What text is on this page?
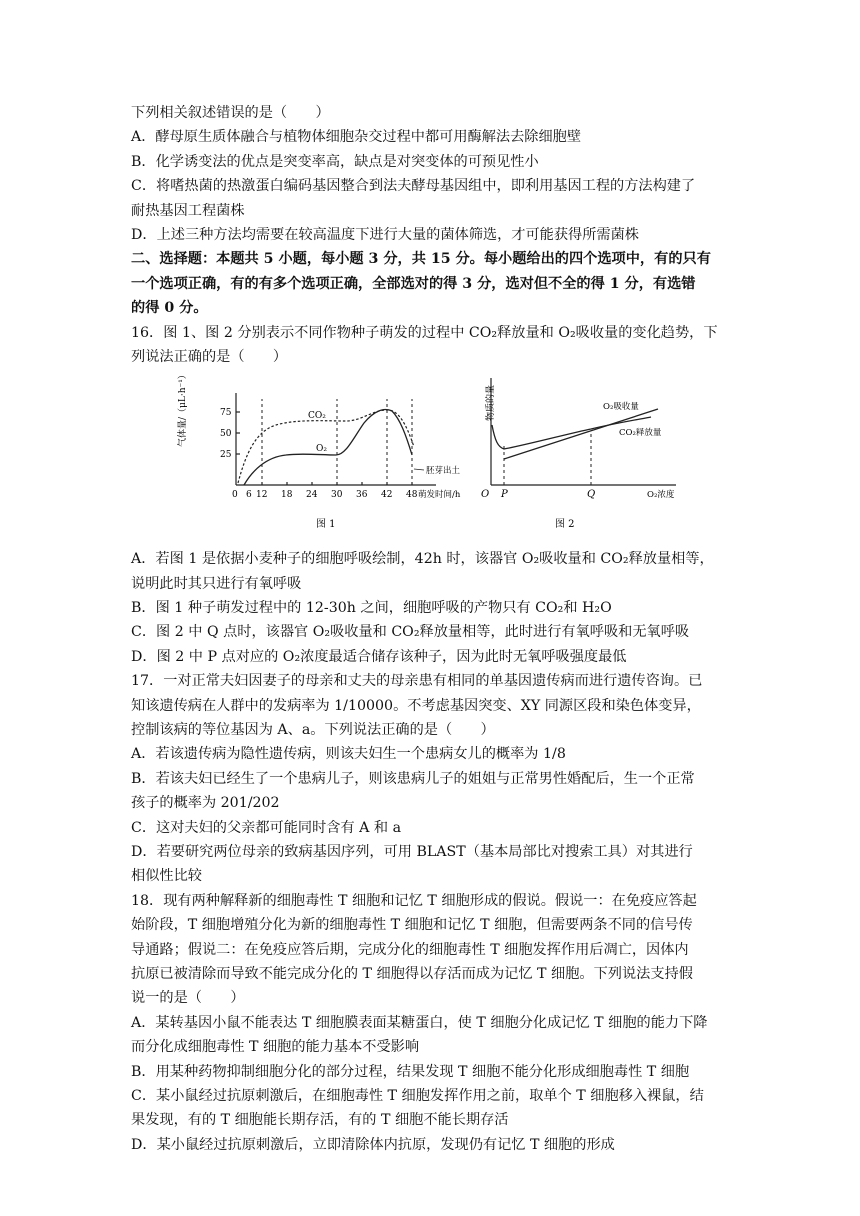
下列相关叙述错误的是（　　）
A．酵母原生质体融合与植物体细胞杂交过程中都可用酶解法去除细胞壁
B．化学诱变法的优点是突变率高，缺点是对突变体的可预见性小
C．将嗜热菌的热激蛋白编码基因整合到法夫酵母基因组中，即利用基因工程的方法构建了
耐热基因工程菌株
D．上述三种方法均需要在较高温度下进行大量的菌体筛选，才可能获得所需菌株
二、选择题：本题共 5 小题，每小题 3 分，共 15 分。每小题给出的四个选项中，有的只有
一个选项正确，有的有多个选项正确，全部选对的得 3 分，选对但不全的得 1 分，有选错
的得 0 分。
16．图 1、图 2 分别表示不同作物种子萌发的过程中 CO₂释放量和 O₂吸收量的变化趋势，下
列说法正确的是（　　）
气体量/（μL·h⁻¹）
25
50
75
0 6 12 18 24 30 36 42 48 萌发时间/h
CO₂
O₂
胚芽出土
图 1
物质的量
O P	Q	O₂浓度
O₂吸收量
CO₂释放量
图 2
A．若图 1 是依据小麦种子的细胞呼吸绘制，42h 时，该器官 O₂吸收量和 CO₂释放量相等，
说明此时其只进行有氧呼吸
B．图 1 种子萌发过程中的 12-30h 之间，细胞呼吸的产物只有 CO₂和 H₂O
C．图 2 中 Q 点时，该器官 O₂吸收量和 CO₂释放量相等，此时进行有氧呼吸和无氧呼吸
D．图 2 中 P 点对应的 O₂浓度最适合储存该种子，因为此时无氧呼吸强度最低
17．一对正常夫妇因妻子的母亲和丈夫的母亲患有相同的单基因遗传病而进行遗传咨询。已
知该遗传病在人群中的发病率为 1/10000。不考虑基因突变、XY 同源区段和染色体变异，
控制该病的等位基因为 A、a。下列说法正确的是（　　）
A．若该遗传病为隐性遗传病，则该夫妇生一个患病女儿的概率为 1/8
B．若该夫妇已经生了一个患病儿子，则该患病儿子的姐姐与正常男性婚配后，生一个正常
孩子的概率为 201/202
C．这对夫妇的父亲都可能同时含有 A 和 a
D．若要研究两位母亲的致病基因序列，可用 BLAST（基本局部比对搜索工具）对其进行
相似性比较
18．现有两种解释新的细胞毒性 T 细胞和记忆 T 细胞形成的假说。假说一：在免疫应答起
始阶段，T 细胞增殖分化为新的细胞毒性 T 细胞和记忆 T 细胞，但需要两条不同的信号传
导通路；假说二：在免疫应答后期，完成分化的细胞毒性 T 细胞发挥作用后凋亡，因体内
抗原已被清除而导致不能完成分化的 T 细胞得以存活而成为记忆 T 细胞。下列说法支持假
说一的是（　　）
A．某转基因小鼠不能表达 T 细胞膜表面某糖蛋白，使 T 细胞分化成记忆 T 细胞的能力下降
而分化成细胞毒性 T 细胞的能力基本不受影响
B．用某种药物抑制细胞分化的部分过程，结果发现 T 细胞不能分化形成细胞毒性 T 细胞
C．某小鼠经过抗原刺激后，在细胞毒性 T 细胞发挥作用之前，取单个 T 细胞移入裸鼠，结
果发现，有的 T 细胞能长期存活，有的 T 细胞不能长期存活
D．某小鼠经过抗原刺激后，立即清除体内抗原，发现仍有记忆 T 细胞的形成
